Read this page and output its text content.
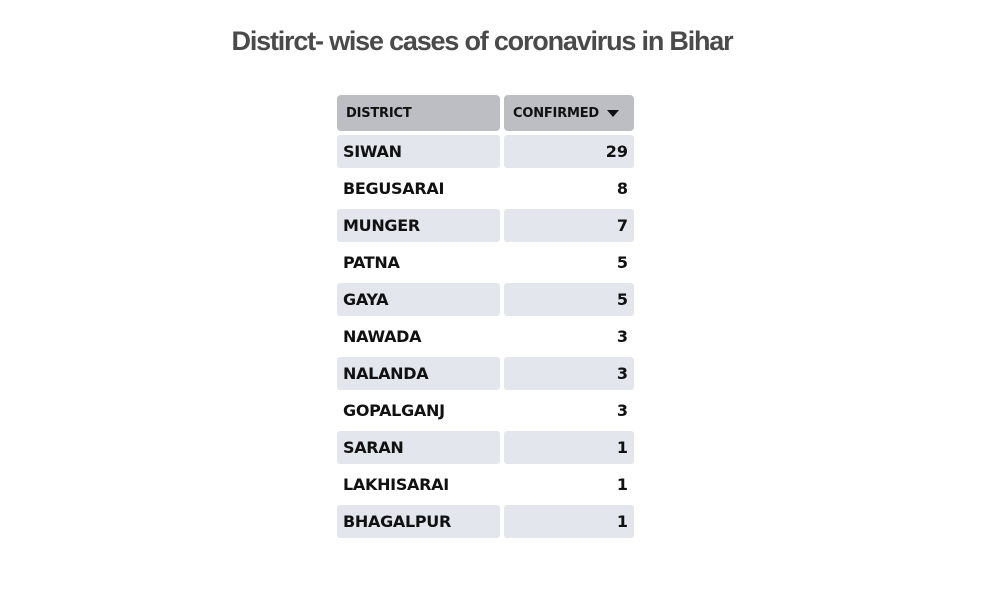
Distirct- wise cases of coronavirus in Bihar
DISTRICT	CONFIRMED
SIWAN	29
BEGUSARAI	8
MUNGER	7
PATNA	5
GAYA	5
NAWADA	3
NALANDA	3
GOPALGANJ	3
SARAN	1
LAKHISARAI	1
BHAGALPUR	1
